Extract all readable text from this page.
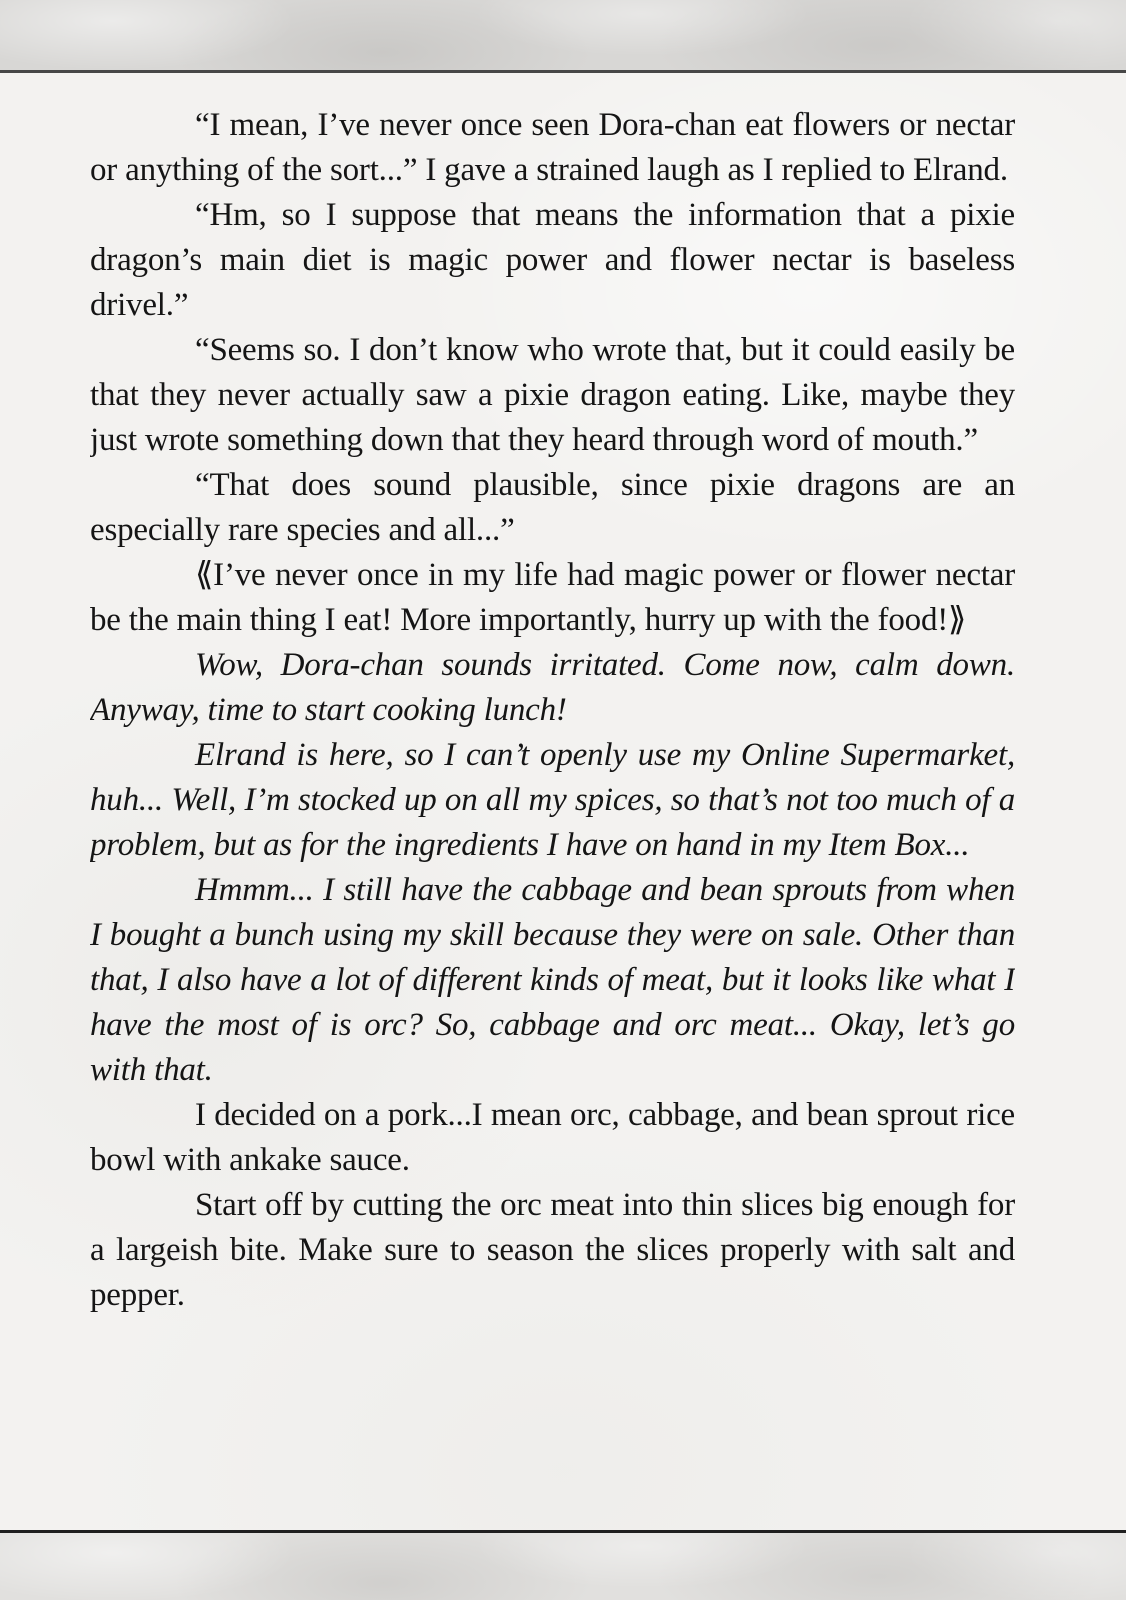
“I mean, I’ve never once seen Dora-chan eat flowers or nectar or anything of the sort...” I gave a strained laugh as I replied to Elrand.

“Hm, so I suppose that means the information that a pixie dragon’s main diet is magic power and flower nectar is baseless drivel.”

“Seems so. I don’t know who wrote that, but it could easily be that they never actually saw a pixie dragon eating. Like, maybe they just wrote something down that they heard through word of mouth.”

“That does sound plausible, since pixie dragons are an especially rare species and all...”

⟪I’ve never once in my life had magic power or flower nectar be the main thing I eat! More importantly, hurry up with the food!⟫

Wow, Dora-chan sounds irritated. Come now, calm down. Anyway, time to start cooking lunch!

Elrand is here, so I can’t openly use my Online Supermarket, huh... Well, I’m stocked up on all my spices, so that’s not too much of a problem, but as for the ingredients I have on hand in my Item Box...

Hmmm... I still have the cabbage and bean sprouts from when I bought a bunch using my skill because they were on sale. Other than that, I also have a lot of different kinds of meat, but it looks like what I have the most of is orc? So, cabbage and orc meat... Okay, let’s go with that.

I decided on a pork...I mean orc, cabbage, and bean sprout rice bowl with ankake sauce.

Start off by cutting the orc meat into thin slices big enough for a largeish bite. Make sure to season the slices properly with salt and pepper.
